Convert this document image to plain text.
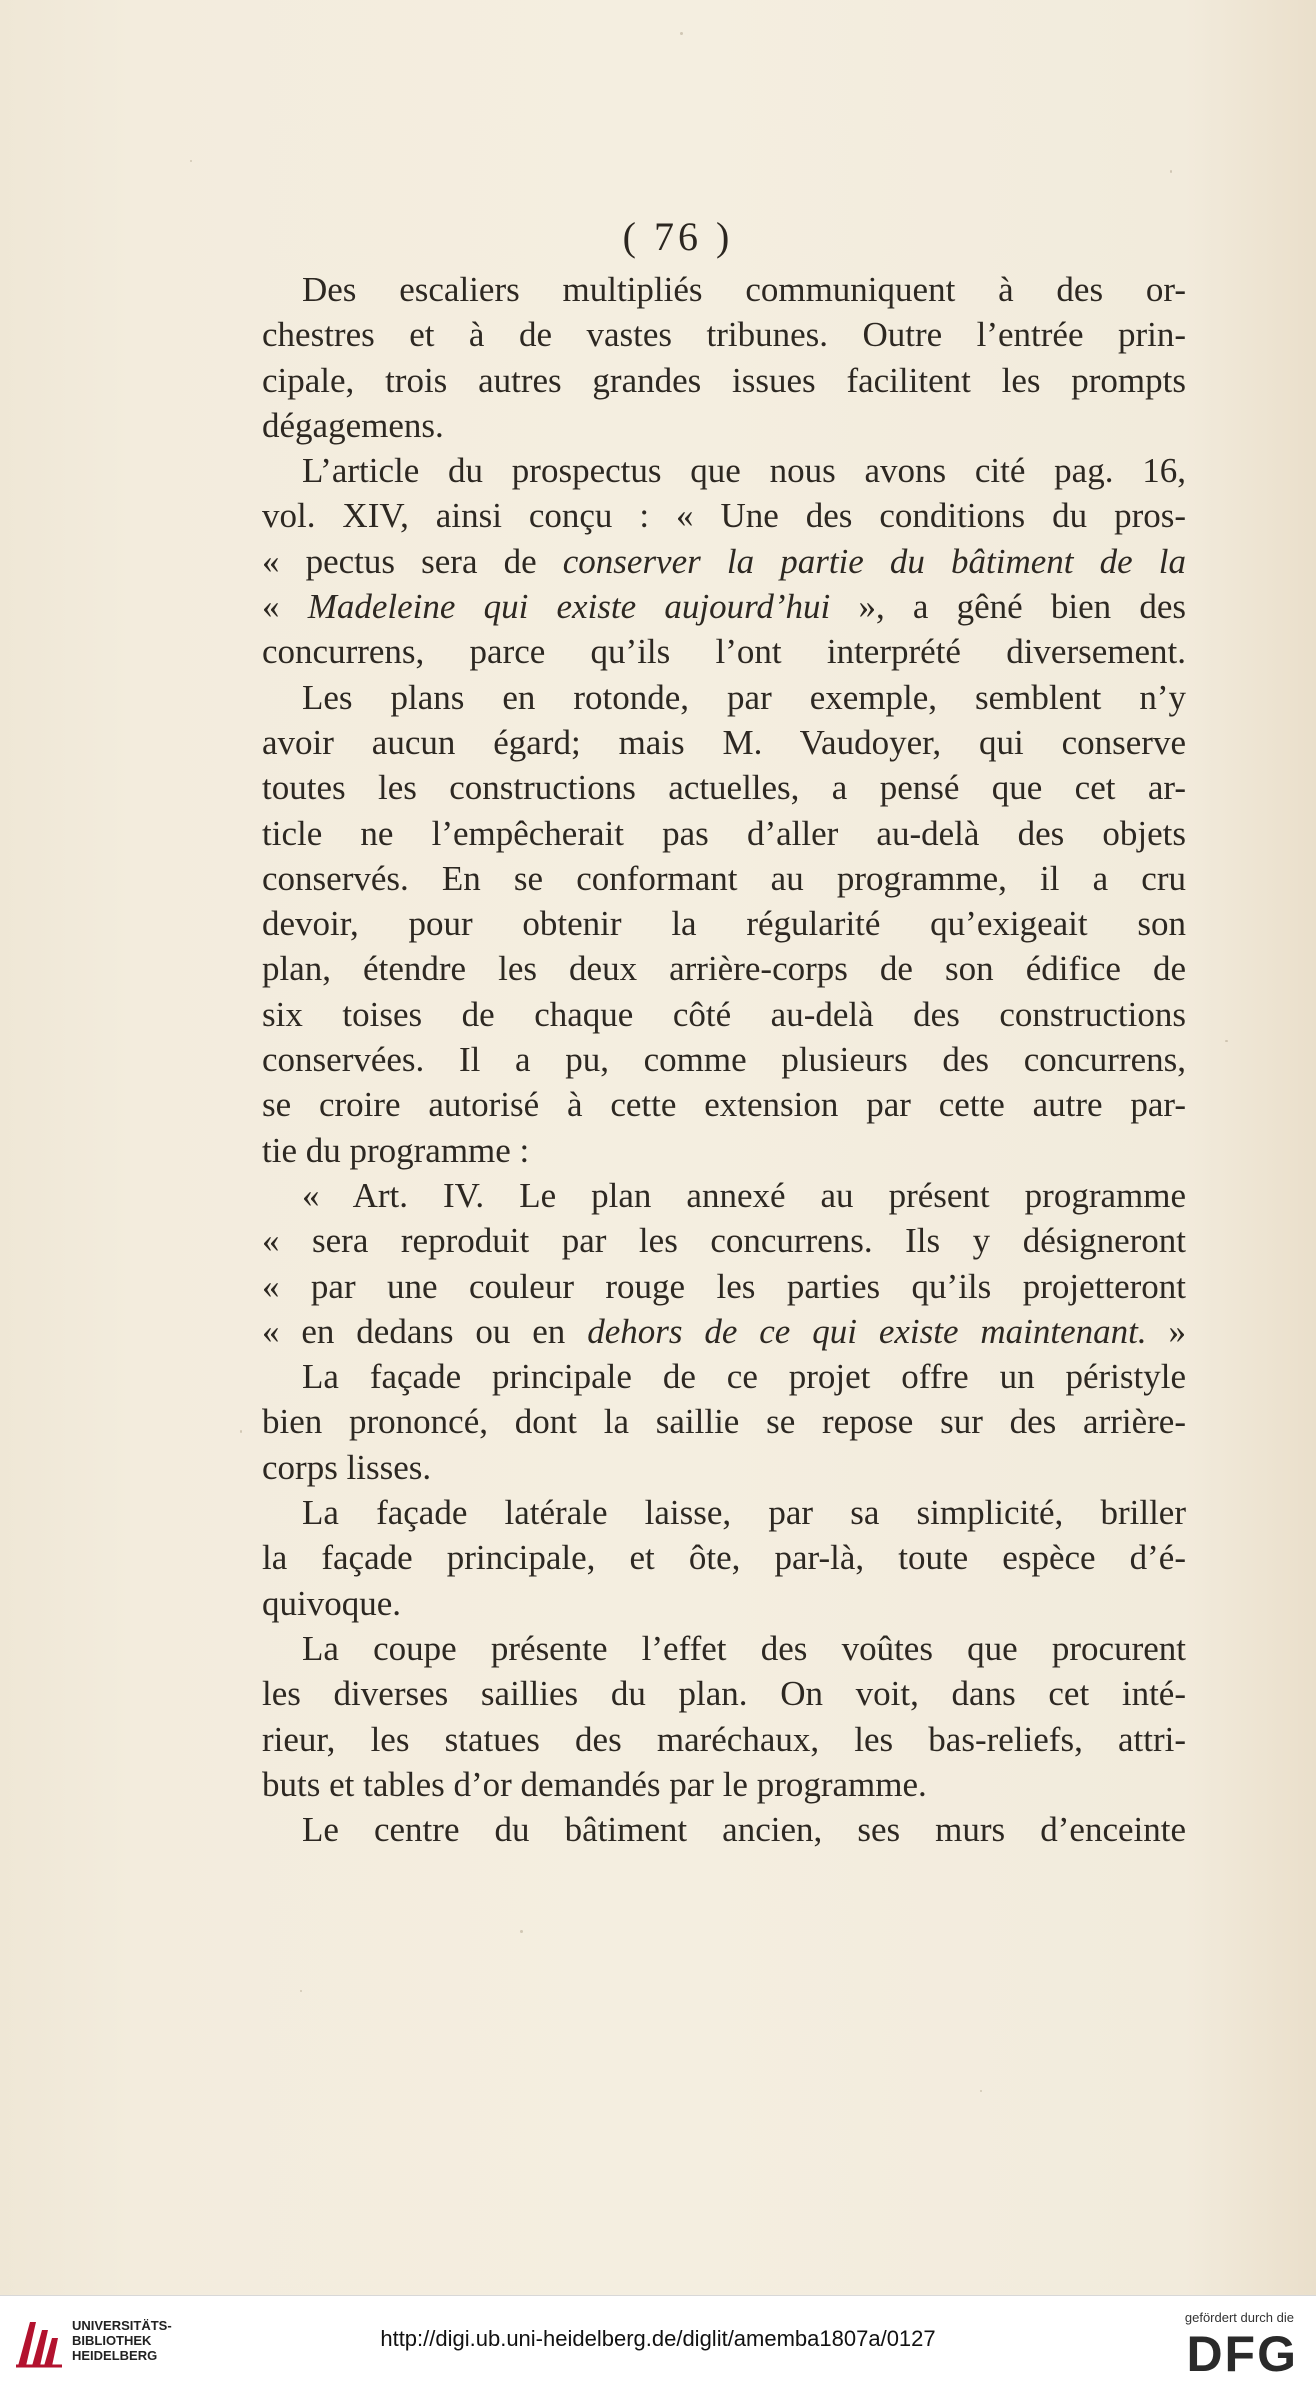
( 76 )
Des escaliers multipliés communiquent à des or-
chestres et à de vastes tribunes. Outre l’entrée prin-
cipale, trois autres grandes issues facilitent les prompts
dégagemens.
L’article du prospectus que nous avons cité pag. 16,
vol. XIV, ainsi conçu : « Une des conditions du pros-
« pectus sera de conserver la partie du bâtiment de la
« Madeleine qui existe aujourd’hui », a gêné bien des
concurrens, parce qu’ils l’ont interprété diversement.
Les plans en rotonde, par exemple, semblent n’y
avoir aucun égard; mais M. Vaudoyer, qui conserve
toutes les constructions actuelles, a pensé que cet ar-
ticle ne l’empêcherait pas d’aller au-delà des objets
conservés. En se conformant au programme, il a cru
devoir, pour obtenir la régularité qu’exigeait son
plan, étendre les deux arrière-corps de son édifice de
six toises de chaque côté au-delà des constructions
conservées. Il a pu, comme plusieurs des concurrens,
se croire autorisé à cette extension par cette autre par-
tie du programme :
« Art. IV. Le plan annexé au présent programme
« sera reproduit par les concurrens. Ils y désigneront
« par une couleur rouge les parties qu’ils projetteront
« en dedans ou en dehors de ce qui existe maintenant. »
La façade principale de ce projet offre un péristyle
bien prononcé, dont la saillie se repose sur des arrière-
corps lisses.
La façade latérale laisse, par sa simplicité, briller
la façade principale, et ôte, par-là, toute espèce d’é-
quivoque.
La coupe présente l’effet des voûtes que procurent
les diverses saillies du plan. On voit, dans cet inté-
rieur, les statues des maréchaux, les bas-reliefs, attri-
buts et tables d’or demandés par le programme.
Le centre du bâtiment ancien, ses murs d’enceinte
UNIVERSITÄTS-
BIBLIOTHEK
HEIDELBERG
http://digi.ub.uni-heidelberg.de/diglit/amemba1807a/0127
gefördert durch die
DFG
